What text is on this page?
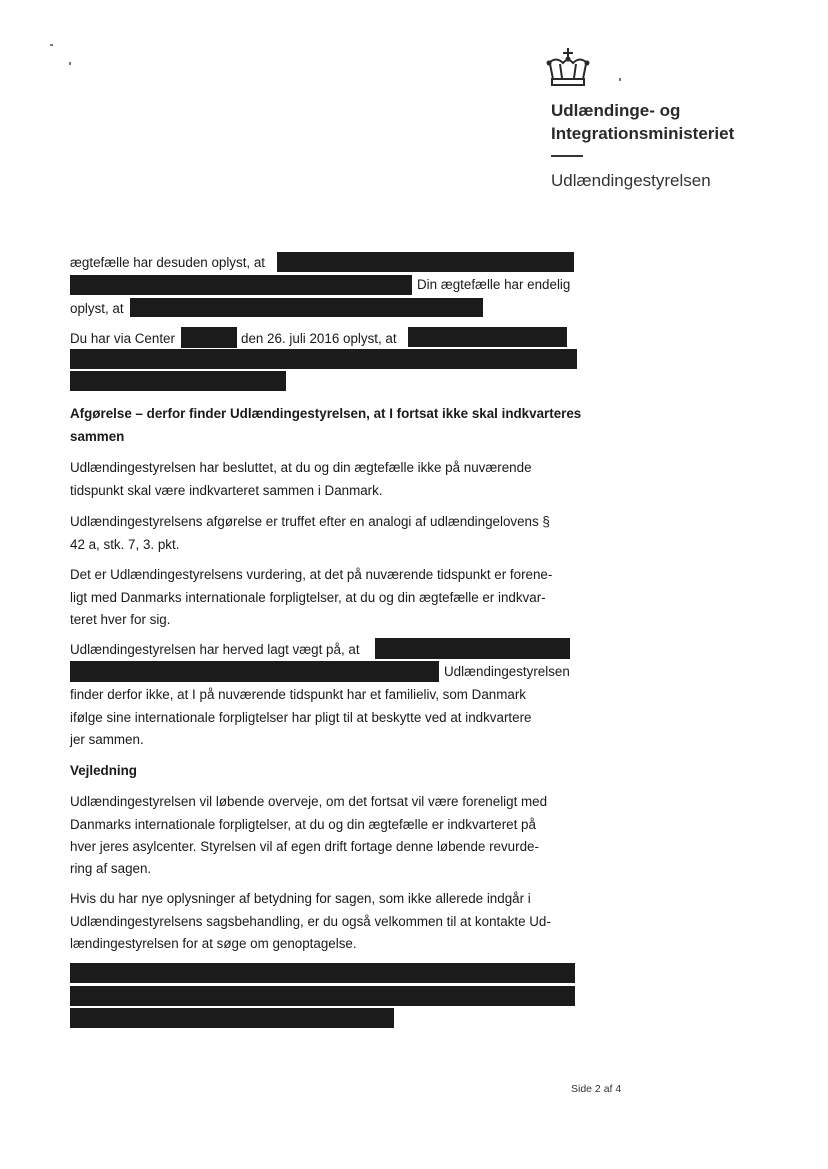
Udlændinge- og
Integrationsministeriet
Udlændingestyrelsen
ægtefælle har desuden oplyst, at
Din ægtefælle har endelig
oplyst, at
Du har via Center	den 26. juli 2016 oplyst, at
Afgørelse – derfor finder Udlændingestyrelsen, at I fortsat ikke skal indkvarteres
sammen
Udlændingestyrelsen har besluttet, at du og din ægtefælle ikke på nuværende
tidspunkt skal være indkvarteret sammen i Danmark.
Udlændingestyrelsens afgørelse er truffet efter en analogi af udlændingelovens §
42 a, stk. 7, 3. pkt.
Det er Udlændingestyrelsens vurdering, at det på nuværende tidspunkt er forene-
ligt med Danmarks internationale forpligtelser, at du og din ægtefælle er indkvar-
teret hver for sig.
Udlændingestyrelsen har herved lagt vægt på, at
Udlændingestyrelsen
finder derfor ikke, at I på nuværende tidspunkt har et familieliv, som Danmark
ifølge sine internationale forpligtelser har pligt til at beskytte ved at indkvartere
jer sammen.
Vejledning
Udlændingestyrelsen vil løbende overveje, om det fortsat vil være foreneligt med
Danmarks internationale forpligtelser, at du og din ægtefælle er indkvarteret på
hver jeres asylcenter. Styrelsen vil af egen drift fortage denne løbende revurde-
ring af sagen.
Hvis du har nye oplysninger af betydning for sagen, som ikke allerede indgår i
Udlændingestyrelsens sagsbehandling, er du også velkommen til at kontakte Ud-
lændingestyrelsen for at søge om genoptagelse.
Side 2 af 4
